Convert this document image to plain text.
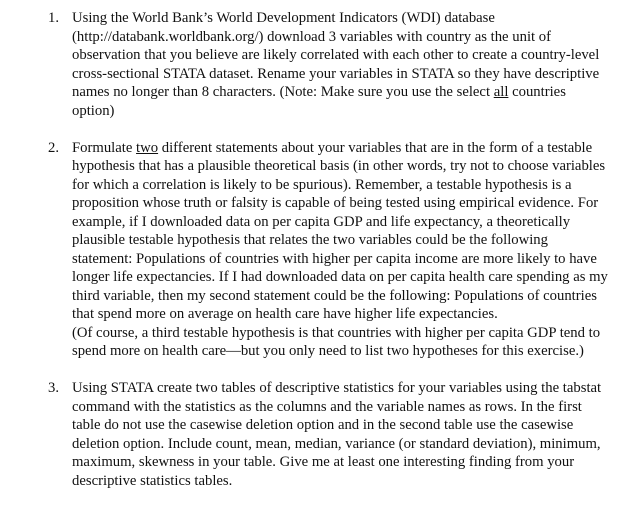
1. Using the World Bank’s World Development Indicators (WDI) database (http://databank.worldbank.org/) download 3 variables with country as the unit of observation that you believe are likely correlated with each other to create a country-level cross-sectional STATA dataset. Rename your variables in STATA so they have descriptive names no longer than 8 characters. (Note: Make sure you use the select all countries option)

2. Formulate two different statements about your variables that are in the form of a testable hypothesis that has a plausible theoretical basis (in other words, try not to choose variables for which a correlation is likely to be spurious). Remember, a testable hypothesis is a proposition whose truth or falsity is capable of being tested using empirical evidence. For example, if I downloaded data on per capita GDP and life expectancy, a theoretically plausible testable hypothesis that relates the two variables could be the following statement: Populations of countries with higher per capita income are more likely to have longer life expectancies. If I had downloaded data on per capita health care spending as my third variable, then my second statement could be the following: Populations of countries that spend more on average on health care have higher life expectancies.

(Of course, a third testable hypothesis is that countries with higher per capita GDP tend to spend more on health care—but you only need to list two hypotheses for this exercise.)

3. Using STATA create two tables of descriptive statistics for your variables using the tabstat command with the statistics as the columns and the variable names as rows. In the first table do not use the casewise deletion option and in the second table use the casewise deletion option. Include count, mean, median, variance (or standard deviation), minimum, maximum, skewness in your table. Give me at least one interesting finding from your descriptive statistics tables.
